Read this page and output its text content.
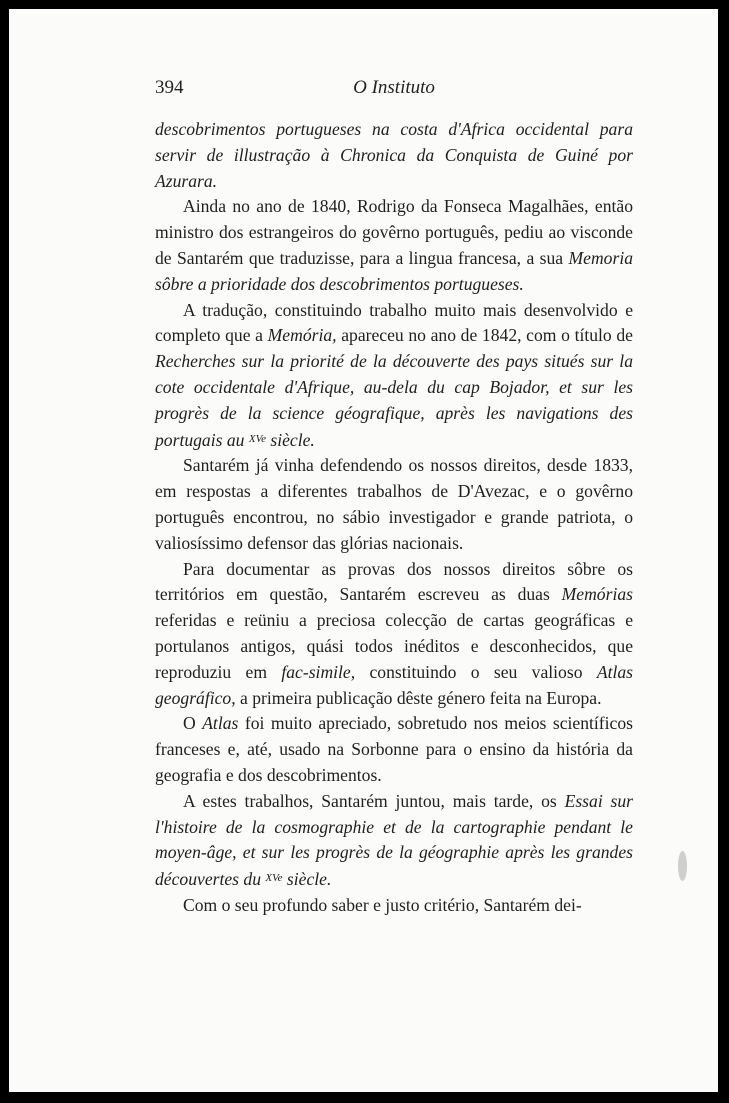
394	O Instituto

descobrimentos portugueses na costa d'Africa occidental para servir de illustração à Chronica da Conquista de Guiné por Azurara.

Ainda no ano de 1840, Rodrigo da Fonseca Magalhães, então ministro dos estrangeiros do govêrno português, pediu ao visconde de Santarém que traduzisse, para a lingua francesa, a sua Memoria sôbre a prioridade dos descobrimentos portugueses.

A tradução, constituindo trabalho muito mais desenvolvido e completo que a Memória, apareceu no ano de 1842, com o título de Recherches sur la priorité de la découverte des pays situés sur la cote occidentale d'Afrique, au-dela du cap Bojador, et sur les progrès de la science géografique, après les navigations des portugais au $^{XVe}$ siècle.

Santarém já vinha defendendo os nossos direitos, desde 1833, em respostas a diferentes trabalhos de D'Avezac, e o govêrno português encontrou, no sábio investigador e grande patriota, o valiosíssimo defensor das glórias nacionais.

Para documentar as provas dos nossos direitos sôbre os territórios em questão, Santarém escreveu as duas Memórias referidas e reüniu a preciosa colecção de cartas geográficas e portulanos antigos, quási todos inéditos e desconhecidos, que reproduziu em fac-simile, constituindo o seu valioso Atlas geográfico, a primeira publicação dêste género feita na Europa.

O Atlas foi muito apreciado, sobretudo nos meios scientíficos franceses e, até, usado na Sorbonne para o ensino da história da geografia e dos descobrimentos.

A estes trabalhos, Santarém juntou, mais tarde, os Essai sur l'histoire de la cosmographie et de la cartographie pendant le moyen-âge, et sur les progrès de la géographie après les grandes découvertes du $^{XVe}$ siècle.

Com o seu profundo saber e justo critério, Santarém dei-
